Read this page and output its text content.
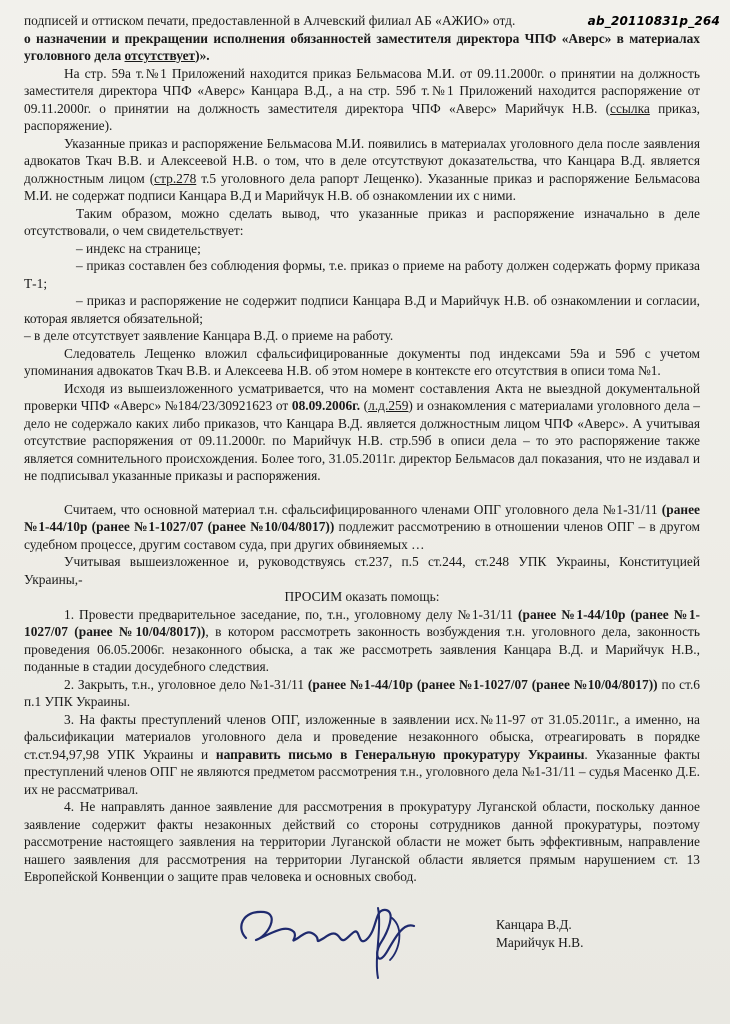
ab_20110831p_264

подписей и оттиском печати, предоставленной в Алчевский филиал АБ «АЖИО» отд.
о назначении и прекращении исполнения обязанностей заместителя директора ЧПФ «Аверс» в материалах уголовного дела отсутствует)».

На стр. 59а т.№1 Приложений находится приказ Бельмасова М.И. от 09.11.2000г. о принятии на должность заместителя директора ЧПФ «Аверс» Канцара В.Д., а на стр. 59б т.№1 Приложений находится распоряжение от 09.11.2000г. о принятии на должность заместителя директора ЧПФ «Аверс» Марийчук Н.В. (ссылка приказ, распоряжение).

Указанные приказ и распоряжение Бельмасова М.И. появились в материалах уголовного дела после заявления адвокатов Ткач В.В. и Алексеевой Н.В. о том, что в деле отсутствуют доказательства, что Канцара В.Д. является должностным лицом (стр.278 т.5 уголовного дела рапорт Лещенко). Указанные приказ и распоряжение Бельмасова М.И. не содержат подписи Канцара В.Д и Марийчук Н.В. об ознакомлении их с ними.

Таким образом, можно сделать вывод, что указанные приказ и распоряжение изначально в деле отсутствовали, о чем свидетельствует:

– индекс на странице;

– приказ составлен без соблюдения формы, т.е. приказ о приеме на работу должен содержать форму приказа Т-1;

– приказ и распоряжение не содержит подписи Канцара В.Д и Марийчук Н.В. об ознакомлении и согласии, которая является обязательной;

– в деле отсутствует заявление Канцара В.Д. о приеме на работу.

Следователь Лещенко вложил сфальсифицированные документы под индексами 59а и 59б с учетом упоминания адвокатов Ткач В.В. и Алексеева Н.В. об этом номере в контексте его отсутствия в описи тома №1.

Исходя из вышеизложенного усматривается, что на момент составления Акта не выездной документальной проверки ЧПФ «Аверс» №184/23/30921623 от 08.09.2006г. (л.д.259) и ознакомления с материалами уголовного дела – дело не содержало каких либо приказов, что Канцара В.Д. является должностным лицом ЧПФ «Аверс». А учитывая отсутствие распоряжения от 09.11.2000г. по Марийчук Н.В. стр.59б в описи дела – то это распоряжение также является сомнительного происхождения. Более того, 31.05.2011г. директор Бельмасов дал показания, что не издавал и не подписывал указанные приказы и распоряжения.

Считаем, что основной материал т.н. сфальсифицированного членами ОПГ уголовного дела №1-31/11 (ранее №1-44/10р (ранее №1-1027/07 (ранее №10/04/8017)) подлежит рассмотрению в отношении членов ОПГ – в другом судебном процессе, другим составом суда, при других обвиняемых …

Учитывая вышеизложенное и, руководствуясь ст.237, п.5 ст.244, ст.248 УПК Украины, Конституцией Украины,-

ПРОСИМ оказать помощь:

1. Провести предварительное заседание, по, т.н., уголовному делу №1-31/11 (ранее №1-44/10р (ранее №1-1027/07 (ранее №10/04/8017)), в котором рассмотреть законность возбуждения т.н. уголовного дела, законность проведения 06.05.2006г. незаконного обыска, а так же рассмотреть заявления Канцара В.Д. и Марийчук Н.В., поданные в стадии досудебного следствия.

2. Закрыть, т.н., уголовное дело №1-31/11 (ранее №1-44/10р (ранее №1-1027/07 (ранее №10/04/8017)) по ст.6 п.1 УПК Украины.

3. На факты преступлений членов ОПГ, изложенные в заявлении исх.№11-97 от 31.05.2011г., а именно, на фальсификации материалов уголовного дела и проведение незаконного обыска, отреагировать в порядке ст.ст.94,97,98 УПК Украины и направить письмо в Генеральную прокуратуру Украины. Указанные факты преступлений членов ОПГ не являются предметом рассмотрения т.н., уголовного дела №1-31/11 – судья Масенко Д.Е. их не рассматривал.

4. Не направлять данное заявление для рассмотрения в прокуратуру Луганской области, поскольку данное заявление содержит факты незаконных действий со стороны сотрудников данной прокуратуры, поэтому рассмотрение настоящего заявления на территории Луганской области не может быть эффективным, направление нашего заявления для рассмотрения на территории Луганской области является прямым нарушением ст. 13 Европейской Конвенции о защите прав человека и основных свобод.

Канцара В.Д.
Марийчук Н.В.
